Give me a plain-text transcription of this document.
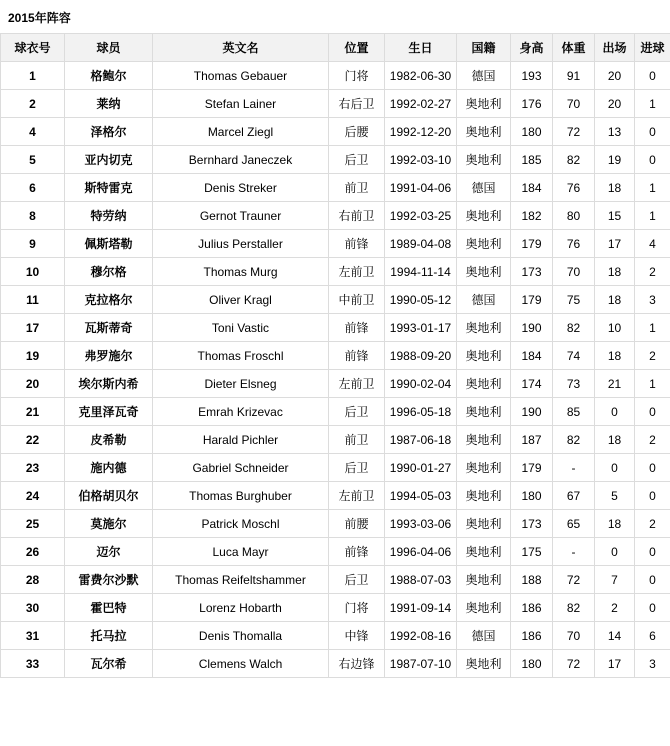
2015年阵容
球衣号	球员	英文名	位置	生日	国籍	身高	体重	出场	进球
1	格鲍尔	Thomas Gebauer	门将	1982-06-30	德国	193	91	20	0
2	莱纳	Stefan Lainer	右后卫	1992-02-27	奥地利	176	70	20	1
4	泽格尔	Marcel Ziegl	后腰	1992-12-20	奥地利	180	72	13	0
5	亚内切克	Bernhard Janeczek	后卫	1992-03-10	奥地利	185	82	19	0
6	斯特雷克	Denis Streker	前卫	1991-04-06	德国	184	76	18	1
8	特劳纳	Gernot Trauner	右前卫	1992-03-25	奥地利	182	80	15	1
9	佩斯塔勒	Julius Perstaller	前锋	1989-04-08	奥地利	179	76	17	4
10	穆尔格	Thomas Murg	左前卫	1994-11-14	奥地利	173	70	18	2
11	克拉格尔	Oliver Kragl	中前卫	1990-05-12	德国	179	75	18	3
17	瓦斯蒂奇	Toni Vastic	前锋	1993-01-17	奥地利	190	82	10	1
19	弗罗施尔	Thomas Froschl	前锋	1988-09-20	奥地利	184	74	18	2
20	埃尔斯内希	Dieter Elsneg	左前卫	1990-02-04	奥地利	174	73	21	1
21	克里泽瓦奇	Emrah Krizevac	后卫	1996-05-18	奥地利	190	85	0	0
22	皮希勒	Harald Pichler	前卫	1987-06-18	奥地利	187	82	18	2
23	施内德	Gabriel Schneider	后卫	1990-01-27	奥地利	179	-	0	0
24	伯格胡贝尔	Thomas Burghuber	左前卫	1994-05-03	奥地利	180	67	5	0
25	莫施尔	Patrick Moschl	前腰	1993-03-06	奥地利	173	65	18	2
26	迈尔	Luca Mayr	前锋	1996-04-06	奥地利	175	-	0	0
28	雷费尔沙默	Thomas Reifeltshammer	后卫	1988-07-03	奥地利	188	72	7	0
30	霍巴特	Lorenz Hobarth	门将	1991-09-14	奥地利	186	82	2	0
31	托马拉	Denis Thomalla	中锋	1992-08-16	德国	186	70	14	6
33	瓦尔希	Clemens Walch	右边锋	1987-07-10	奥地利	180	72	17	3
